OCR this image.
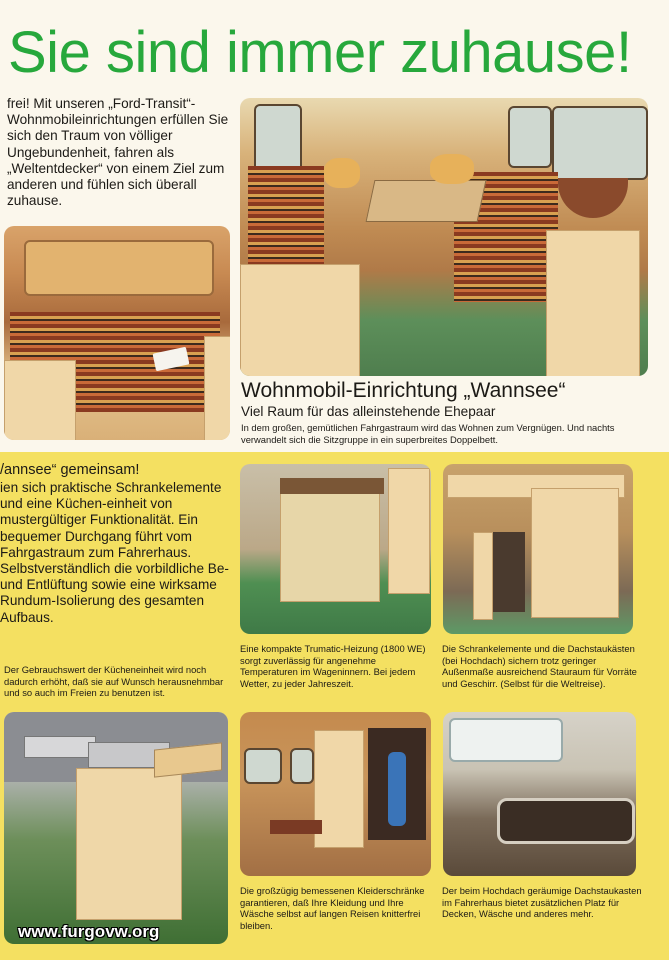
Sie sind immer zuhause!
frei! Mit unseren „Ford-Transit“-Wohnmobileinrichtungen erfüllen Sie sich den Traum von völliger Ungebundenheit, fahren als „Weltentdecker“ von einem Ziel zum anderen und fühlen sich überall zuhause.
Wohnmobil-Einrichtung „Wannsee“
Viel Raum für das alleinstehende Ehepaar
In dem großen, gemütlichen Fahrgastraum wird das Wohnen zum Vergnügen. Und nachts verwandelt sich die Sitzgruppe in ein superbreites Doppelbett.
/annsee“ gemeinsam!
ien sich praktische Schrankelemente und eine Küchen-einheit von mustergültiger Funktionalität. Ein bequemer Durchgang führt vom Fahrgastraum zum Fahrerhaus. Selbstverständlich die vorbildliche Be- und Entlüftung sowie eine wirksame Rundum-Isolierung des gesamten Aufbaus.
Der Gebrauchswert der Kücheneinheit wird noch dadurch erhöht, daß sie auf Wunsch herausnehmbar und so auch im Freien zu benutzen ist.
Eine kompakte Trumatic-Heizung (1800 WE) sorgt zuverlässig für angenehme Temperaturen im Wageninnern. Bei jedem Wetter, zu jeder Jahreszeit.
Die Schrankelemente und die Dachstaukästen (bei Hochdach) sichern trotz geringer Außenmaße ausreichend Stauraum für Vorräte und Geschirr. (Selbst für die Weltreise).
Die großzügig bemessenen Kleiderschränke garantieren, daß Ihre Kleidung und Ihre Wäsche selbst auf langen Reisen knitterfrei bleiben.
Der beim Hochdach geräumige Dachstaukasten im Fahrerhaus bietet zusätzlichen Platz für Decken, Wäsche und anderes mehr.
www.furgovw.org
